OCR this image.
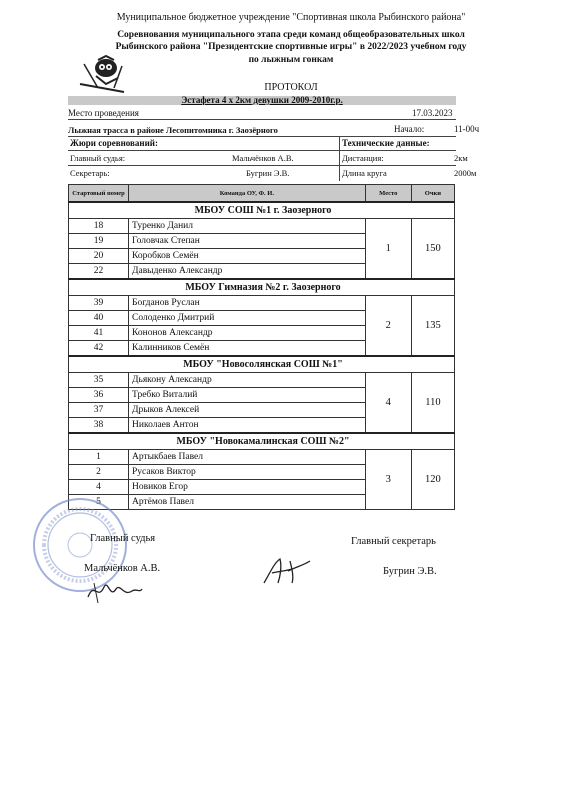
Муниципальное бюджетное учреждение "Спортивная школа Рыбинского района"
Соревнования муниципального этапа среди команд общеобразовательных школ
Рыбинского района "Президентские спортивные игры" в 2022/2023 учебном году
по лыжным гонкам
ПРОТОКОЛ
Эстафета 4 х 2км девушки 2009-2010г.р.
Место проведения	17.03.2023
Лыжная трасса в районе Лесопитомника г. Заозёрного	Начало:	11-00ч
Жюри соревнований:	Технические данные:
Главный судья:	Мальчёнков А.В.	Дистанция:	2км
Секретарь:	Бугрин Э.В.	Длина круга	2000м
Стартовый номер	Команда ОУ, Ф. И.	Место	Очки
МБОУ СОШ №1 г. Заозерного			
18	Туренко Данил	1	150
19	Головчак Степан		
20	Коробков Семён		
22	Давыденко Александр		
МБОУ Гимназия №2 г. Заозерного			
39	Богданов Руслан	2	135
40	Солоденко Дмитрий		
41	Кононов Александр		
42	Калинников Семён		
МБОУ "Новосолянская СОШ №1"			
35	Дьякону Александр	4	110
36	Требко Виталий		
37	Дрыков Алексей		
38	Николаев Антон		
МБОУ "Новокамалинская СОШ №2"			
1	Артыкбаев Павел	3	120
2	Русаков Виктор		
4	Новиков Егор		
5	Артёмов Павел		
Главный судья
Мальчёнков А.В.
Главный секретарь
Бугрин Э.В.
